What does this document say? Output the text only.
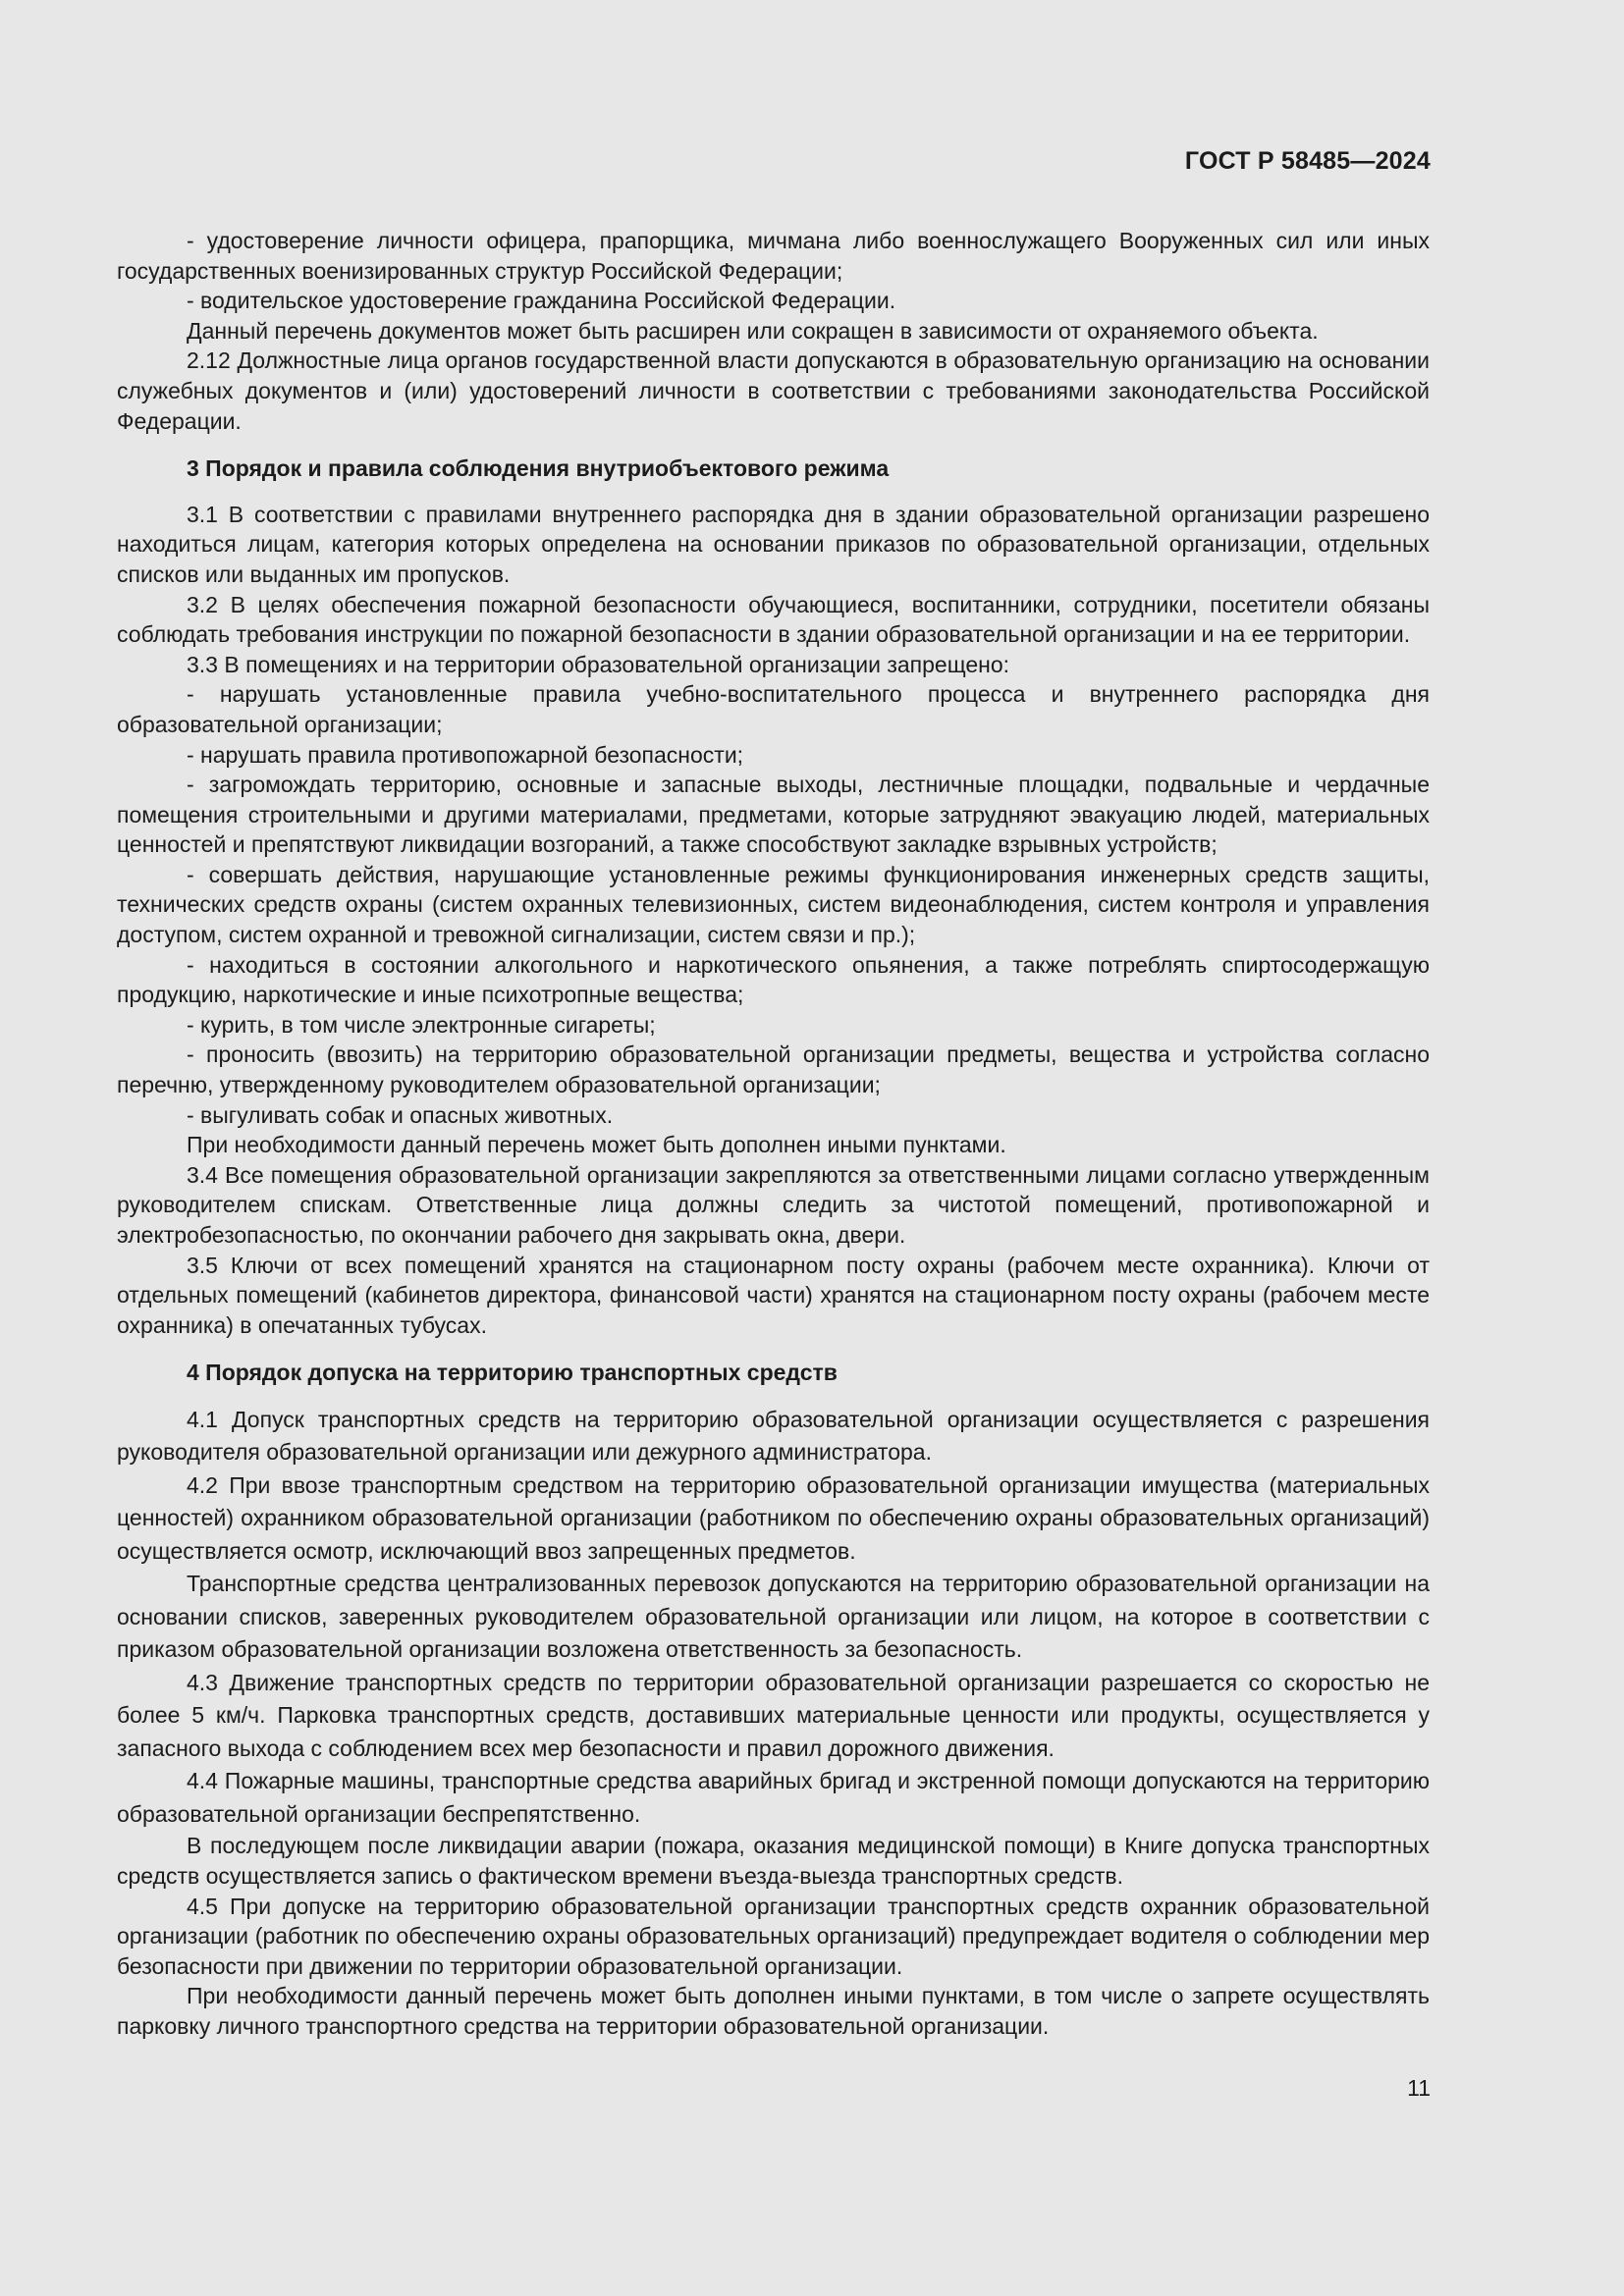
ГОСТ Р 58485—2024

- удостоверение личности офицера, прапорщика, мичмана либо военнослужащего Вооруженных сил или иных государственных военизированных структур Российской Федерации;

- водительское удостоверение гражданина Российской Федерации.

Данный перечень документов может быть расширен или сокращен в зависимости от охраняемого объекта.

2.12 Должностные лица органов государственной власти допускаются в образовательную организацию на основании служебных документов и (или) удостоверений личности в соответствии с требованиями законодательства Российской Федерации.

3 Порядок и правила соблюдения внутриобъектового режима

3.1 В соответствии с правилами внутреннего распорядка дня в здании образовательной организации разрешено находиться лицам, категория которых определена на основании приказов по образовательной организации, отдельных списков или выданных им пропусков.

3.2 В целях обеспечения пожарной безопасности обучающиеся, воспитанники, сотрудники, посетители обязаны соблюдать требования инструкции по пожарной безопасности в здании образовательной организации и на ее территории.

3.3 В помещениях и на территории образовательной организации запрещено:

- нарушать установленные правила учебно-воспитательного процесса и внутреннего распорядка дня образовательной организации;

- нарушать правила противопожарной безопасности;

- загромождать территорию, основные и запасные выходы, лестничные площадки, подвальные и чердачные помещения строительными и другими материалами, предметами, которые затрудняют эвакуацию людей, материальных ценностей и препятствуют ликвидации возгораний, а также способствуют закладке взрывных устройств;

- совершать действия, нарушающие установленные режимы функционирования инженерных средств защиты, технических средств охраны (систем охранных телевизионных, систем видеонаблюдения, систем контроля и управления доступом, систем охранной и тревожной сигнализации, систем связи и пр.);

- находиться в состоянии алкогольного и наркотического опьянения, а также потреблять спиртосодержащую продукцию, наркотические и иные психотропные вещества;

- курить, в том числе электронные сигареты;

- проносить (ввозить) на территорию образовательной организации предметы, вещества и устройства согласно перечню, утвержденному руководителем образовательной организации;

- выгуливать собак и опасных животных.

При необходимости данный перечень может быть дополнен иными пунктами.

3.4 Все помещения образовательной организации закрепляются за ответственными лицами согласно утвержденным руководителем спискам. Ответственные лица должны следить за чистотой помещений, противопожарной и электробезопасностью, по окончании рабочего дня закрывать окна, двери.

3.5 Ключи от всех помещений хранятся на стационарном посту охраны (рабочем месте охранника). Ключи от отдельных помещений (кабинетов директора, финансовой части) хранятся на стационарном посту охраны (рабочем месте охранника) в опечатанных тубусах.

4 Порядок допуска на территорию транспортных средств

4.1 Допуск транспортных средств на территорию образовательной организации осуществляется с разрешения руководителя образовательной организации или дежурного администратора.

4.2 При ввозе транспортным средством на территорию образовательной организации имущества (материальных ценностей) охранником образовательной организации (работником по обеспечению охраны образовательных организаций) осуществляется осмотр, исключающий ввоз запрещенных предметов.

Транспортные средства централизованных перевозок допускаются на территорию образовательной организации на основании списков, заверенных руководителем образовательной организации или лицом, на которое в соответствии с приказом образовательной организации возложена ответственность за безопасность.

4.3 Движение транспортных средств по территории образовательной организации разрешается со скоростью не более 5 км/ч. Парковка транспортных средств, доставивших материальные ценности или продукты, осуществляется у запасного выхода с соблюдением всех мер безопасности и правил дорожного движения.

4.4 Пожарные машины, транспортные средства аварийных бригад и экстренной помощи допускаются на территорию образовательной организации беспрепятственно.

В последующем после ликвидации аварии (пожара, оказания медицинской помощи) в Книге допуска транспортных средств осуществляется запись о фактическом времени въезда-выезда транспортных средств.

4.5 При допуске на территорию образовательной организации транспортных средств охранник образовательной организации (работник по обеспечению охраны образовательных организаций) предупреждает водителя о соблюдении мер безопасности при движении по территории образовательной организации.

При необходимости данный перечень может быть дополнен иными пунктами, в том числе о запрете осуществлять парковку личного транспортного средства на территории образовательной организации.

11
